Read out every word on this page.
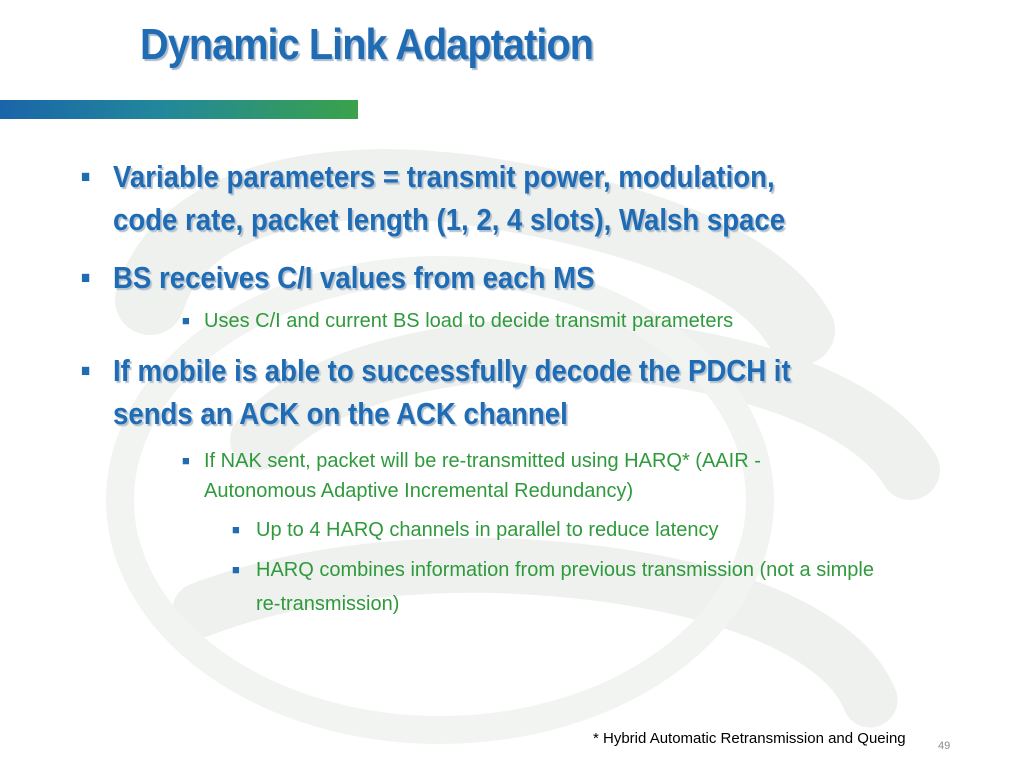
Dynamic Link Adaptation
■ Variable parameters = transmit power, modulation, code rate, packet length (1, 2, 4 slots), Walsh space
■ BS receives C/I values from each MS
■ Uses C/I and current BS load to decide transmit parameters
■ If mobile is able to successfully decode the PDCH it sends an ACK on the ACK channel
■ If NAK sent, packet will be re-transmitted using HARQ* (AAIR - Autonomous Adaptive Incremental Redundancy)
■ Up to 4 HARQ channels in parallel to reduce latency
■ HARQ combines information from previous transmission (not a simple re-transmission)
* Hybrid Automatic Retransmission and Queing	49
